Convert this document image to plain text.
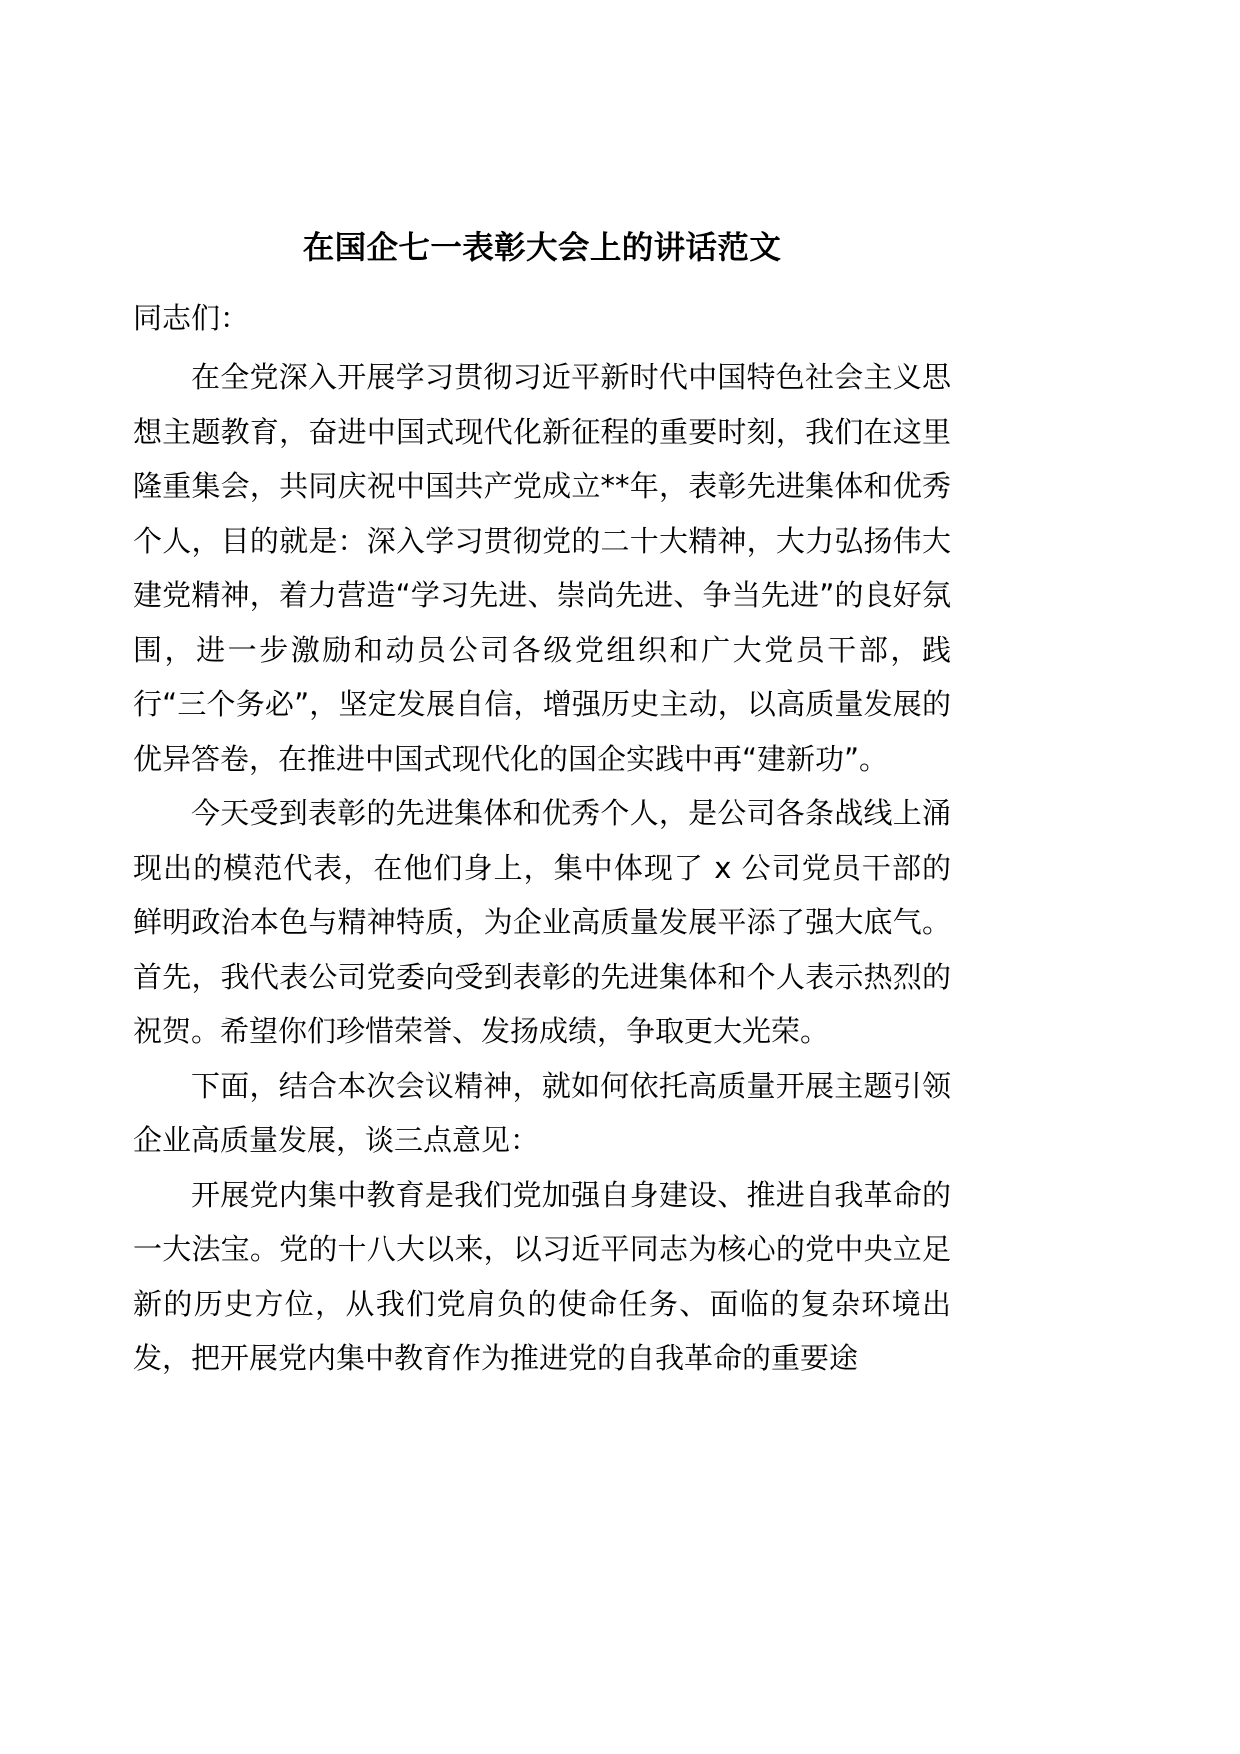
在国企七一表彰大会上的讲话范文

同志们：

在全党深入开展学习贯彻习近平新时代中国特色社会主义思想主题教育，奋进中国式现代化新征程的重要时刻，我们在这里隆重集会，共同庆祝中国共产党成立**年，表彰先进集体和优秀个人，目的就是：深入学习贯彻党的二十大精神，大力弘扬伟大建党精神，着力营造“学习先进、崇尚先进、争当先进”的良好氛围，进一步激励和动员公司各级党组织和广大党员干部，践行“三个务必”，坚定发展自信，增强历史主动，以高质量发展的优异答卷，在推进中国式现代化的国企实践中再“建新功”。

今天受到表彰的先进集体和优秀个人，是公司各条战线上涌现出的模范代表，在他们身上，集中体现了 x 公司党员干部的鲜明政治本色与精神特质，为企业高质量发展平添了强大底气。首先，我代表公司党委向受到表彰的先进集体和个人表示热烈的祝贺。希望你们珍惜荣誉、发扬成绩，争取更大光荣。

下面，结合本次会议精神，就如何依托高质量开展主题引领企业高质量发展，谈三点意见：

开展党内集中教育是我们党加强自身建设、推进自我革命的一大法宝。党的十八大以来，以习近平同志为核心的党中央立足新的历史方位，从我们党肩负的使命任务、面临的复杂环境出发，把开展党内集中教育作为推进党的自我革命的重要途
